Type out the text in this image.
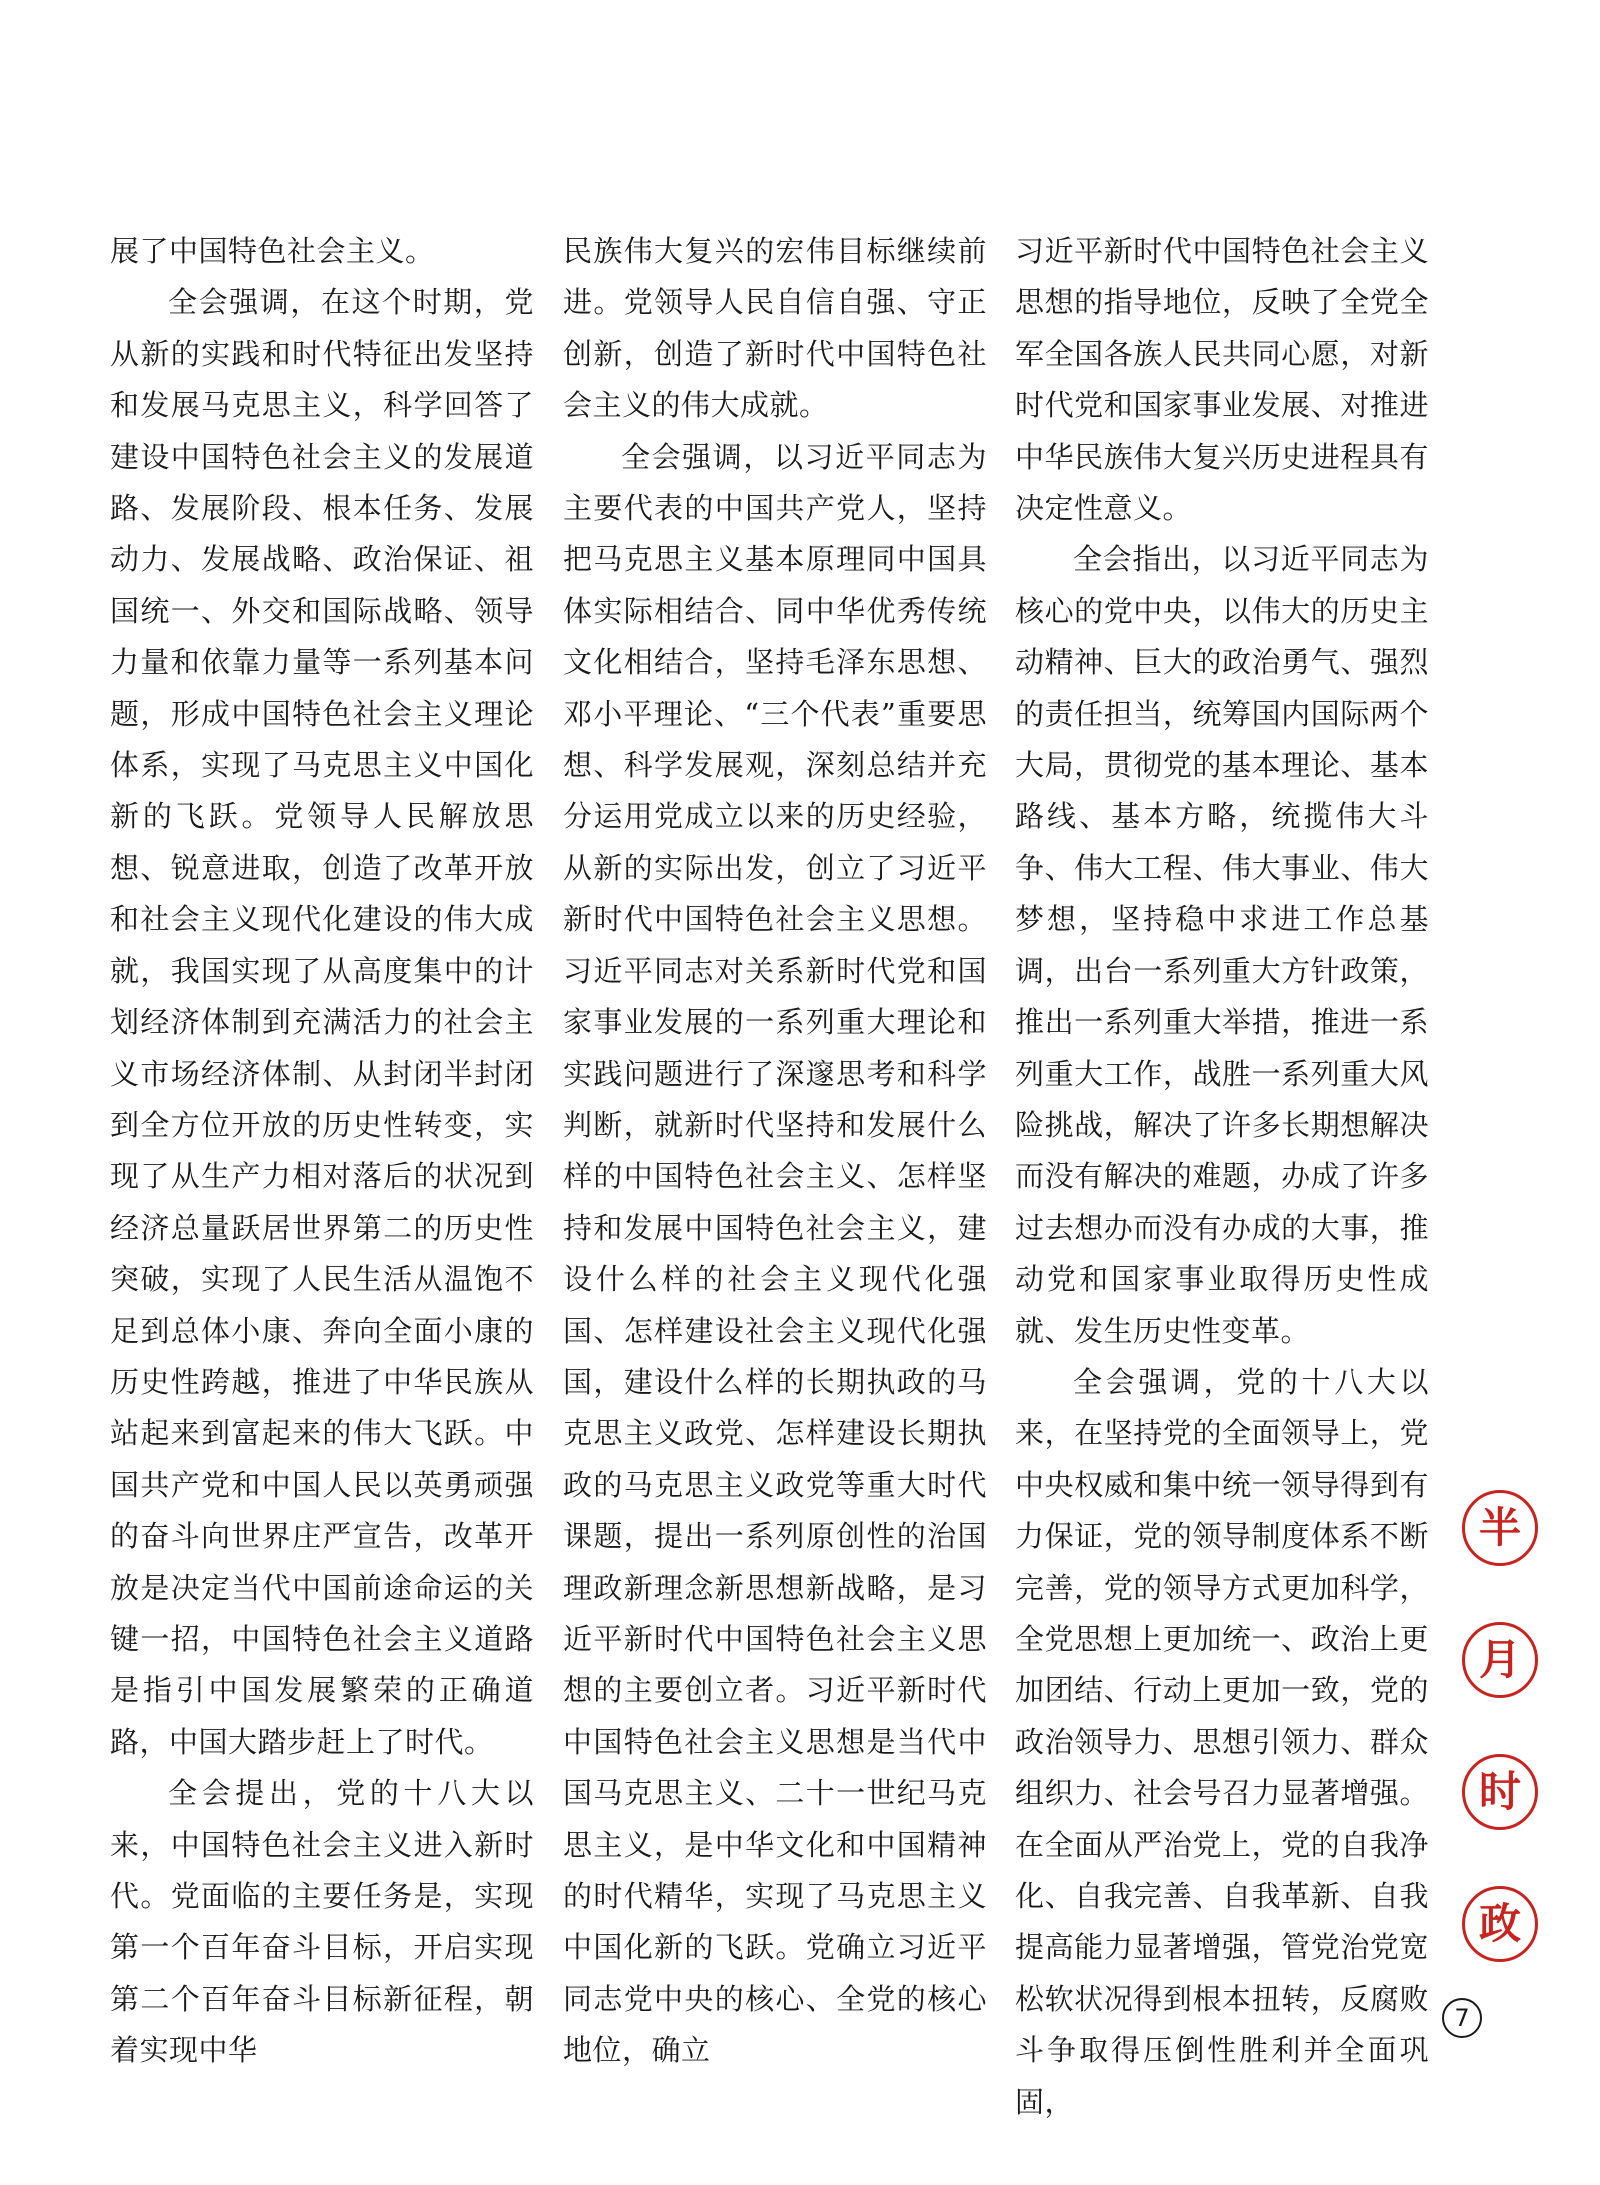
展了中国特色社会主义。

全会强调，在这个时期，党从新的实践和时代特征出发坚持和发展马克思主义，科学回答了建设中国特色社会主义的发展道路、发展阶段、根本任务、发展动力、发展战略、政治保证、祖国统一、外交和国际战略、领导力量和依靠力量等一系列基本问题，形成中国特色社会主义理论体系，实现了马克思主义中国化新的飞跃。党领导人民解放思想、锐意进取，创造了改革开放和社会主义现代化建设的伟大成就，我国实现了从高度集中的计划经济体制到充满活力的社会主义市场经济体制、从封闭半封闭到全方位开放的历史性转变，实现了从生产力相对落后的状况到经济总量跃居世界第二的历史性突破，实现了人民生活从温饱不足到总体小康、奔向全面小康的历史性跨越，推进了中华民族从站起来到富起来的伟大飞跃。中国共产党和中国人民以英勇顽强的奋斗向世界庄严宣告，改革开放是决定当代中国前途命运的关键一招，中国特色社会主义道路是指引中国发展繁荣的正确道路，中国大踏步赶上了时代。

全会提出，党的十八大以来，中国特色社会主义进入新时代。党面临的主要任务是，实现第一个百年奋斗目标，开启实现第二个百年奋斗目标新征程，朝着实现中华

民族伟大复兴的宏伟目标继续前进。党领导人民自信自强、守正创新，创造了新时代中国特色社会主义的伟大成就。

全会强调，以习近平同志为主要代表的中国共产党人，坚持把马克思主义基本原理同中国具体实际相结合、同中华优秀传统文化相结合，坚持毛泽东思想、邓小平理论、“三个代表”重要思想、科学发展观，深刻总结并充分运用党成立以来的历史经验，从新的实际出发，创立了习近平新时代中国特色社会主义思想。习近平同志对关系新时代党和国家事业发展的一系列重大理论和实践问题进行了深邃思考和科学判断，就新时代坚持和发展什么样的中国特色社会主义、怎样坚持和发展中国特色社会主义，建设什么样的社会主义现代化强国、怎样建设社会主义现代化强国，建设什么样的长期执政的马克思主义政党、怎样建设长期执政的马克思主义政党等重大时代课题，提出一系列原创性的治国理政新理念新思想新战略，是习近平新时代中国特色社会主义思想的主要创立者。习近平新时代中国特色社会主义思想是当代中国马克思主义、二十一世纪马克思主义，是中华文化和中国精神的时代精华，实现了马克思主义中国化新的飞跃。党确立习近平同志党中央的核心、全党的核心地位，确立

习近平新时代中国特色社会主义思想的指导地位，反映了全党全军全国各族人民共同心愿，对新时代党和国家事业发展、对推进中华民族伟大复兴历史进程具有决定性意义。

全会指出，以习近平同志为核心的党中央，以伟大的历史主动精神、巨大的政治勇气、强烈的责任担当，统筹国内国际两个大局，贯彻党的基本理论、基本路线、基本方略，统揽伟大斗争、伟大工程、伟大事业、伟大梦想，坚持稳中求进工作总基调，出台一系列重大方针政策，推出一系列重大举措，推进一系列重大工作，战胜一系列重大风险挑战，解决了许多长期想解决而没有解决的难题，办成了许多过去想办而没有办成的大事，推动党和国家事业取得历史性成就、发生历史性变革。

全会强调，党的十八大以来，在坚持党的全面领导上，党中央权威和集中统一领导得到有力保证，党的领导制度体系不断完善，党的领导方式更加科学，全党思想上更加统一、政治上更加团结、行动上更加一致，党的政治领导力、思想引领力、群众组织力、社会号召力显著增强。在全面从严治党上，党的自我净化、自我完善、自我革新、自我提高能力显著增强，管党治党宽松软状况得到根本扭转，反腐败斗争取得压倒性胜利并全面巩固，

半
月
时
政
7
